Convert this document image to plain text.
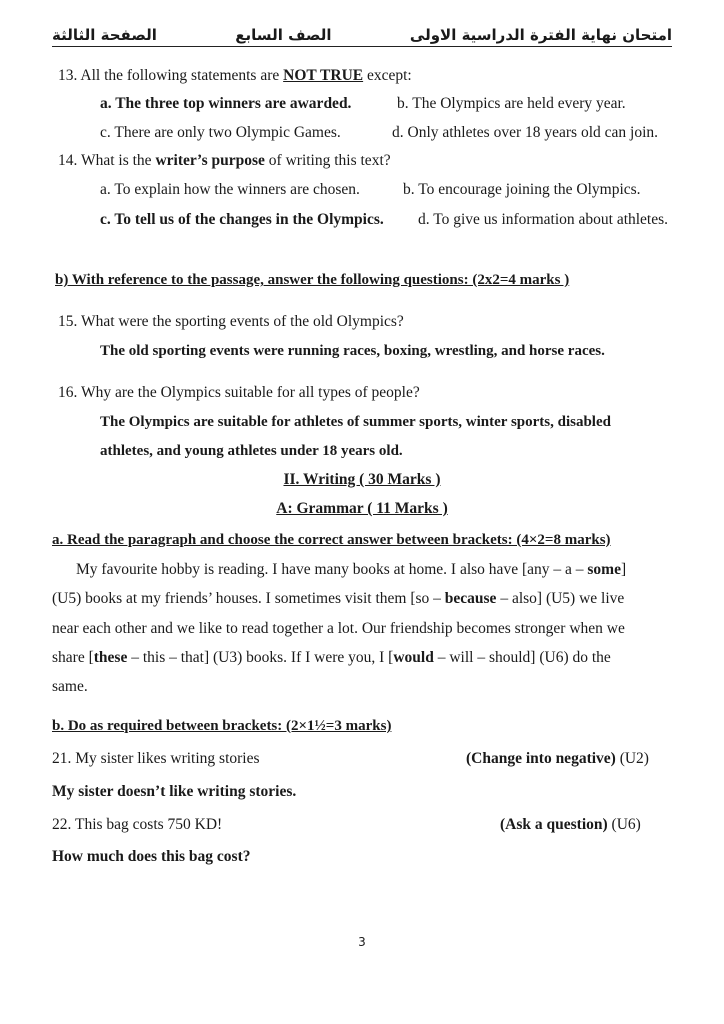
امتحان نهاية الفترة الدراسية الاولى
الصف السابع
الصفحة الثالثة
13. All the following statements are NOT TRUE except:
a. The three top winners are awarded.	b. The Olympics are held every year.
c. There are only two Olympic Games.	d. Only athletes over 18 years old can join.
14. What is the writer’s purpose of writing this text?
a. To explain how the winners are chosen.	b. To encourage joining the Olympics.
c. To tell us of the changes in the Olympics. d. To give us information about athletes.
b) With reference to the passage, answer the following questions: (2x2=4 marks )
15. What were the sporting events of the old Olympics?
The old sporting events were running races, boxing, wrestling, and horse races.
16. Why are the Olympics suitable for all types of people?
The Olympics are suitable for athletes of summer sports, winter sports, disabled
athletes, and young athletes under 18 years old.
II. Writing ( 30 Marks )
A: Grammar ( 11 Marks )
a. Read the paragraph and choose the correct answer between brackets: (4×2=8 marks)
My favourite hobby is reading. I have many books at home. I also have [any – a – some]
(U5) books at my friends’ houses. I sometimes visit them [so – because – also] (U5) we live
near each other and we like to read together a lot. Our friendship becomes stronger when we
share [these – this – that] (U3) books. If I were you, I [would – will – should] (U6) do the
same.
b. Do as required between brackets: (2×1½=3 marks)
21. My sister likes writing stories	(Change into negative) (U2)
My sister doesn’t like writing stories.
22. This bag costs 750 KD!	(Ask a question) (U6)
How much does this bag cost?
3
